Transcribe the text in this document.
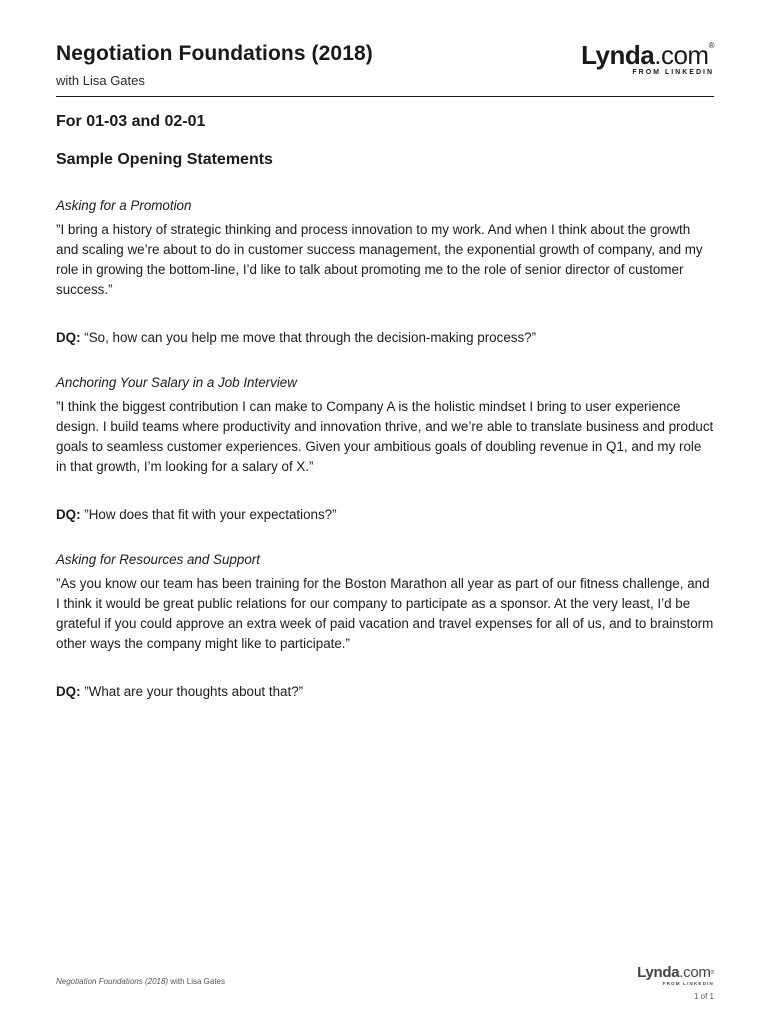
Negotiation Foundations (2018)
with Lisa Gates
Lynda.com®
FROM LINKEDIN
For 01-03 and 02-01
Sample Opening Statements

Asking for a Promotion

”I bring a history of strategic thinking and process innovation to my work. And when I think about the growth and scaling we’re about to do in customer success management, the exponential growth of company, and my role in growing the bottom-line, I’d like to talk about promoting me to the role of senior director of customer success.”

DQ: “So, how can you help me move that through the decision-making process?”

Anchoring Your Salary in a Job Interview

”I think the biggest contribution I can make to Company A is the holistic mindset I bring to user experience design. I build teams where productivity and innovation thrive, and we’re able to translate business and product goals to seamless customer experiences. Given your ambitious goals of doubling revenue in Q1, and my role in that growth, I’m looking for a salary of X.”

DQ: ”How does that fit with your expectations?”

Asking for Resources and Support

”As you know our team has been training for the Boston Marathon all year as part of our fitness challenge, and I think it would be great public relations for our company to participate as a sponsor. At the very least, I’d be grateful if you could approve an extra week of paid vacation and travel expenses for all of us, and to brainstorm other ways the company might like to participate.”

DQ: ”What are your thoughts about that?”
Negotiation Foundations (2018) with Lisa Gates
Lynda.com®
FROM LINKEDIN
1 of 1
